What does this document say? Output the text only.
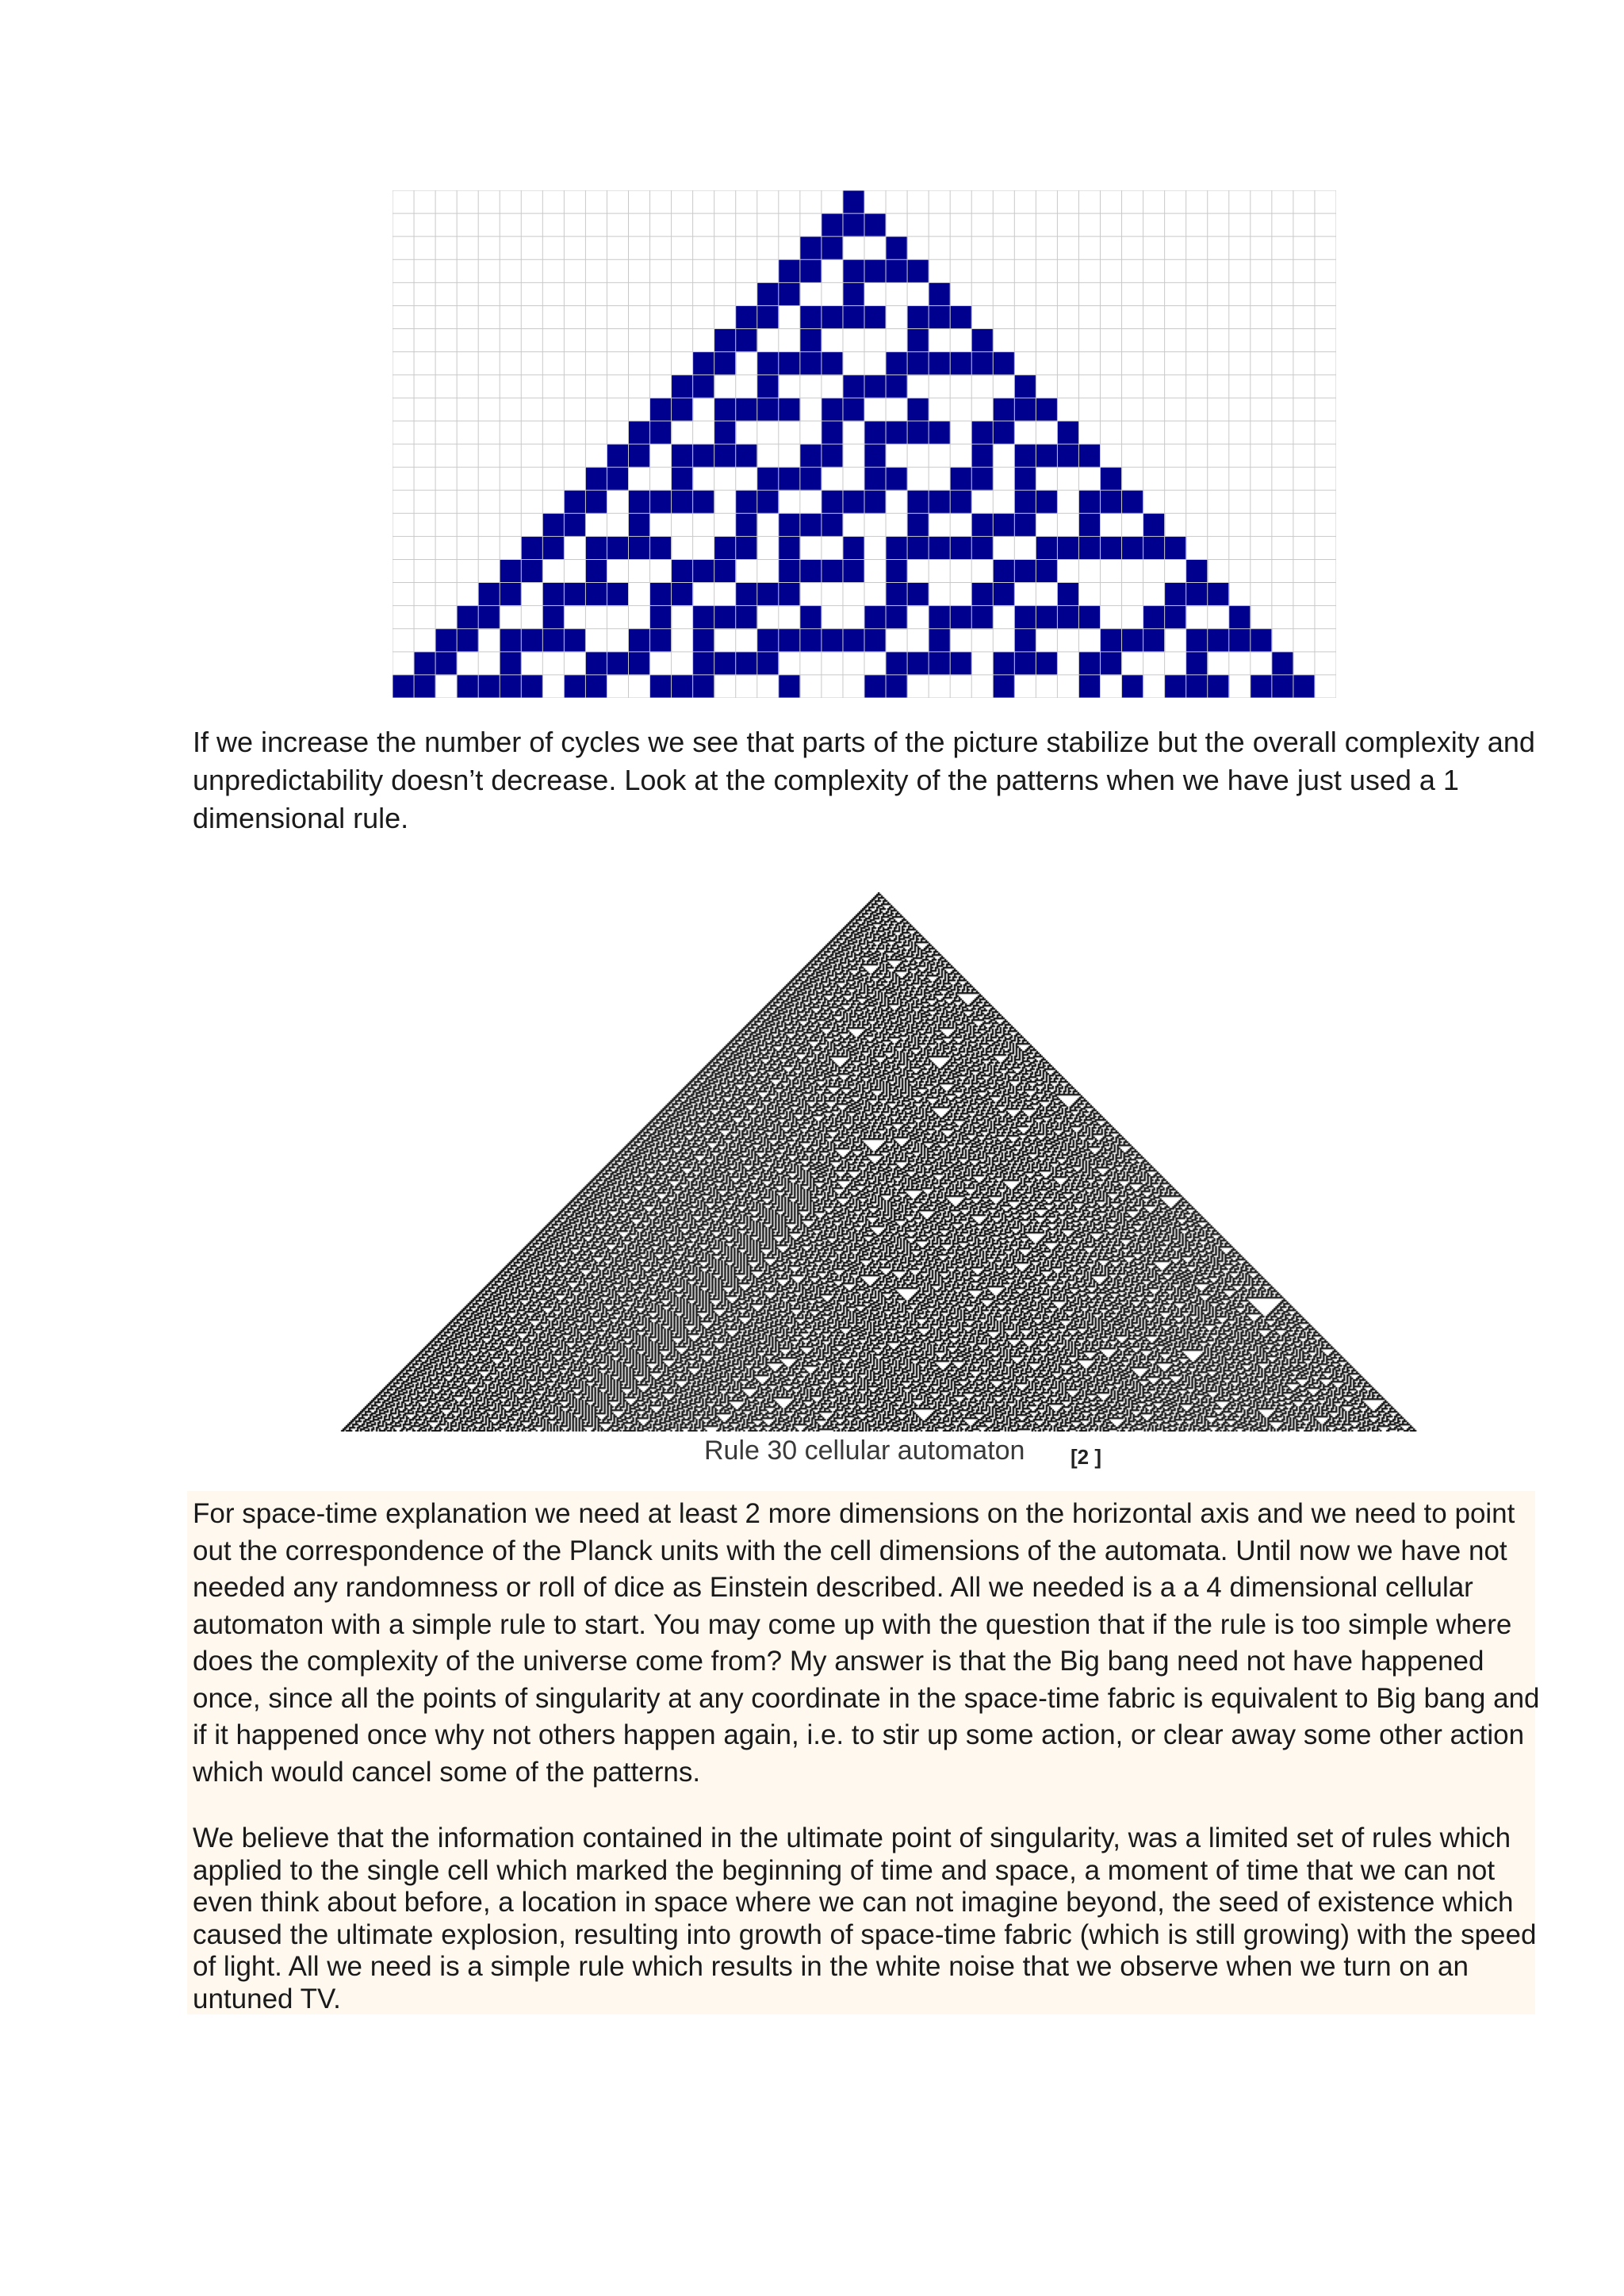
If we increase the number of cycles we see that parts of the picture stabilize but the overall complexity and unpredictability doesn’t decrease. Look at the complexity of the patterns when we have just used a 1 dimensional rule.

Rule 30 cellular automaton [2 ]

For space-time explanation we need at least 2 more dimensions on the horizontal axis and we need to point out the correspondence of the Planck units with the cell dimensions of the automata. Until now we have not needed any randomness or roll of dice as Einstein described. All we needed is a a 4 dimensional cellular automaton with a simple rule to start. You may come up with the question that if the rule is too simple where does the complexity of the universe come from? My answer is that the Big bang need not have happened once, since all the points of singularity at any coordinate in the space-time fabric is equivalent to Big bang and if it happened once why not others happen again, i.e. to stir up some action, or clear away some other action which would cancel some of the patterns.

We believe that the information contained in the ultimate point of singularity, was a limited set of rules which applied to the single cell which marked the beginning of time and space, a moment of time that we can not even think about before, a location in space where we can not imagine beyond, the seed of existence which caused the ultimate explosion, resulting into growth of space-time fabric (which is still growing) with the speed of light. All we need is a simple rule which results in the white noise that we observe when we turn on an untuned TV.
